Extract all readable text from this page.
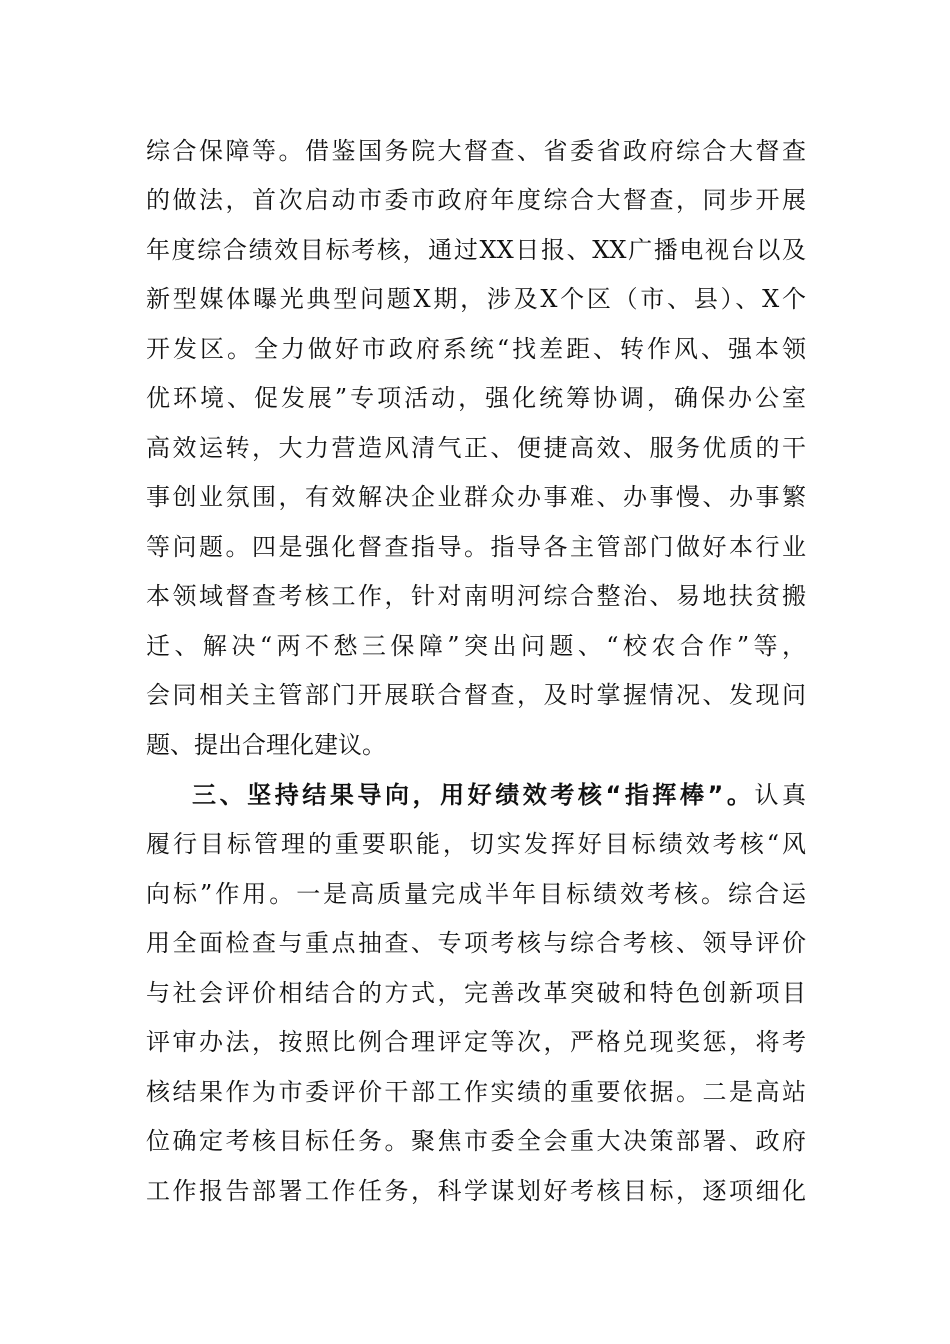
综合保障等。借鉴国务院大督查、省委省政府综合大督查
的做法，首次启动市委市政府年度综合大督查，同步开展
年度综合绩效目标考核，通过XX日报、XX广播电视台以及
新型媒体曝光典型问题X期，涉及X个区（市、县）、X个
开发区。全力做好市政府系统“找差距、转作风、强本领
优环境、促发展”专项活动，强化统筹协调，确保办公室
高效运转，大力营造风清气正、便捷高效、服务优质的干
事创业氛围，有效解决企业群众办事难、办事慢、办事繁
等问题。四是强化督查指导。指导各主管部门做好本行业
本领域督查考核工作，针对南明河综合整治、易地扶贫搬
迁、解决“两不愁三保障”突出问题、“校农合作”等，
会同相关主管部门开展联合督查，及时掌握情况、发现问
题、提出合理化建议。
三、坚持结果导向，用好绩效考核“指挥棒”。认真
履行目标管理的重要职能，切实发挥好目标绩效考核“风
向标”作用。一是高质量完成半年目标绩效考核。综合运
用全面检查与重点抽查、专项考核与综合考核、领导评价
与社会评价相结合的方式，完善改革突破和特色创新项目
评审办法，按照比例合理评定等次，严格兑现奖惩，将考
核结果作为市委评价干部工作实绩的重要依据。二是高站
位确定考核目标任务。聚焦市委全会重大决策部署、政府
工作报告部署工作任务，科学谋划好考核目标，逐项细化
